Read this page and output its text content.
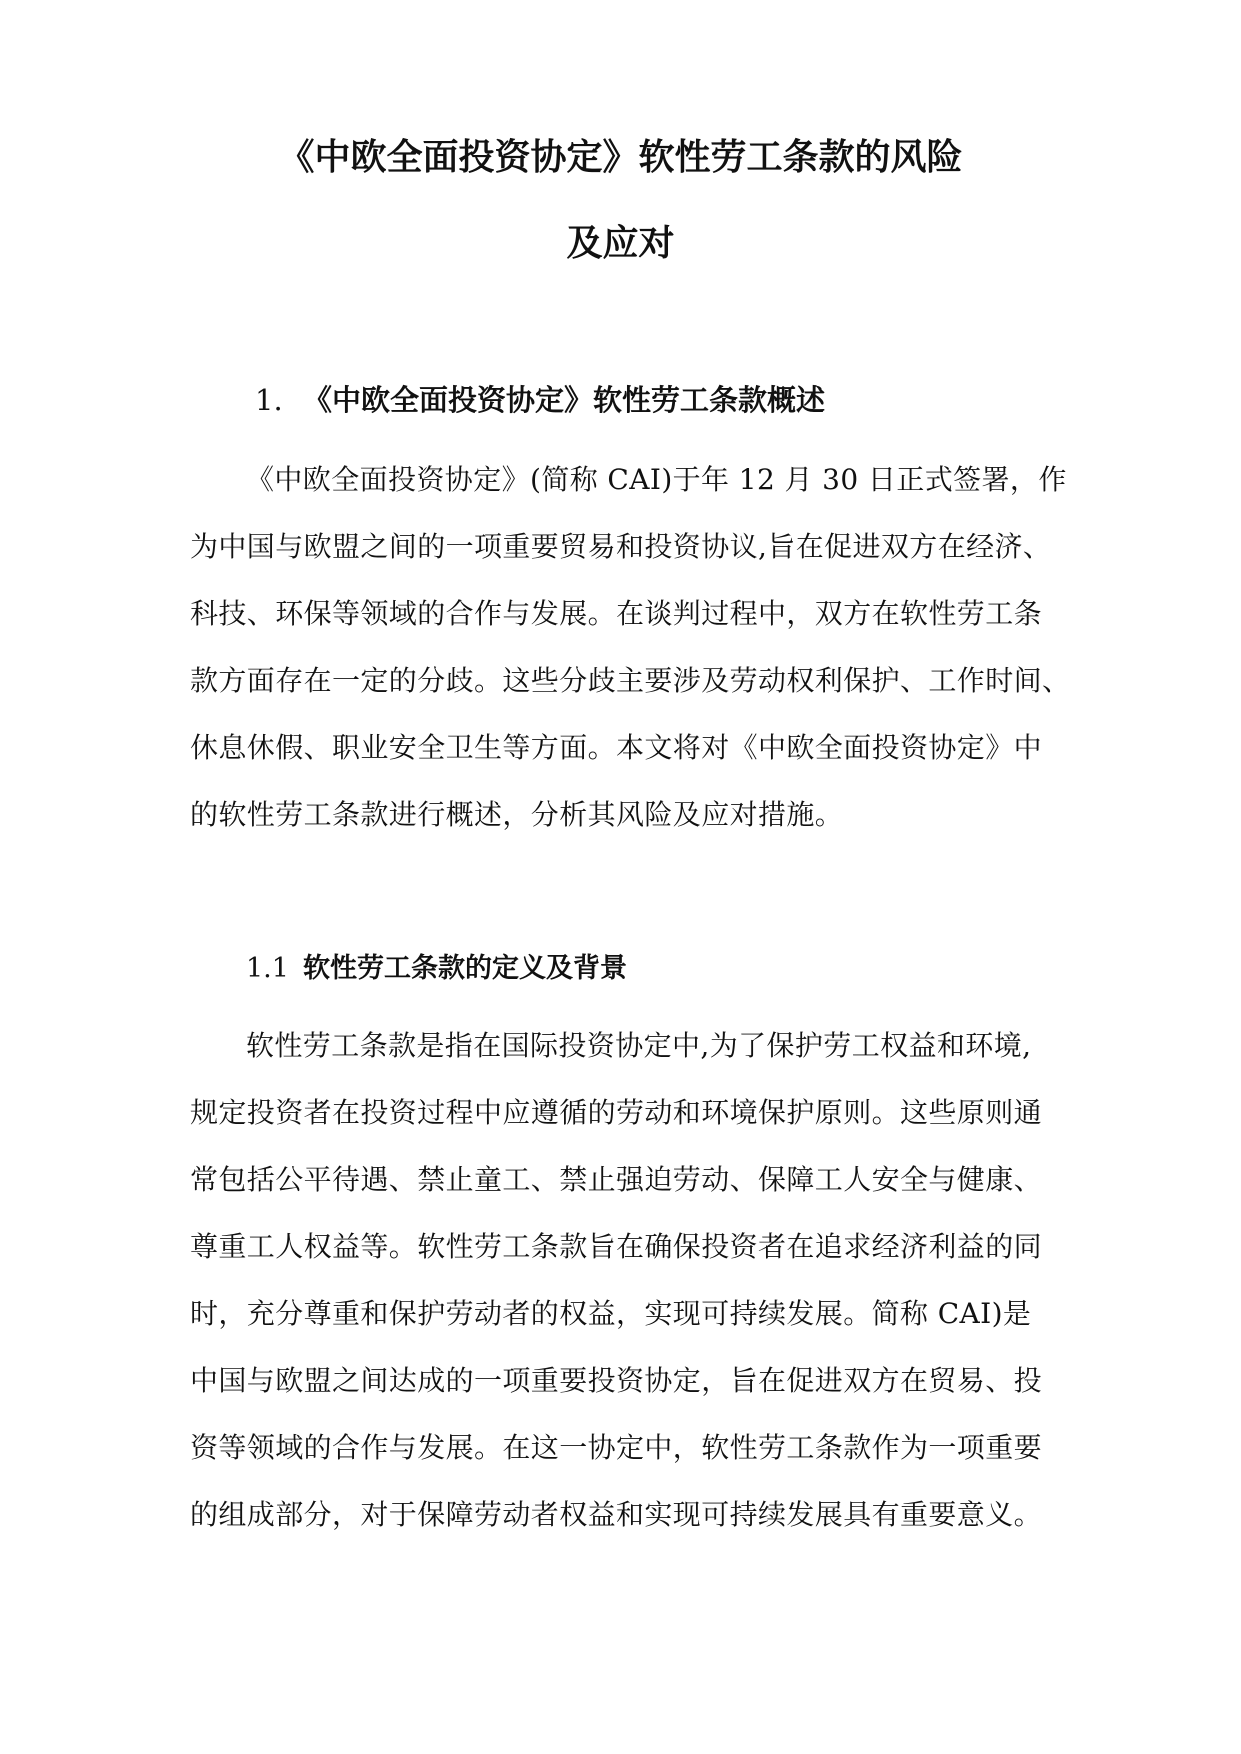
《中欧全面投资协定》软性劳工条款的风险
及应对
1. 《中欧全面投资协定》软性劳工条款概述
《中欧全面投资协定》(简称 CAI)于年 12 月 30 日正式签署，作
为中国与欧盟之间的一项重要贸易和投资协议,旨在促进双方在经济、
科技、环保等领域的合作与发展。在谈判过程中，双方在软性劳工条
款方面存在一定的分歧。这些分歧主要涉及劳动权利保护、工作时间、
休息休假、职业安全卫生等方面。本文将对《中欧全面投资协定》中
的软性劳工条款进行概述，分析其风险及应对措施。
1.1 软性劳工条款的定义及背景
软性劳工条款是指在国际投资协定中,为了保护劳工权益和环境,
规定投资者在投资过程中应遵循的劳动和环境保护原则。这些原则通
常包括公平待遇、禁止童工、禁止强迫劳动、保障工人安全与健康、
尊重工人权益等。软性劳工条款旨在确保投资者在追求经济利益的同
时，充分尊重和保护劳动者的权益，实现可持续发展。简称 CAI)是
中国与欧盟之间达成的一项重要投资协定，旨在促进双方在贸易、投
资等领域的合作与发展。在这一协定中，软性劳工条款作为一项重要
的组成部分，对于保障劳动者权益和实现可持续发展具有重要意义。
